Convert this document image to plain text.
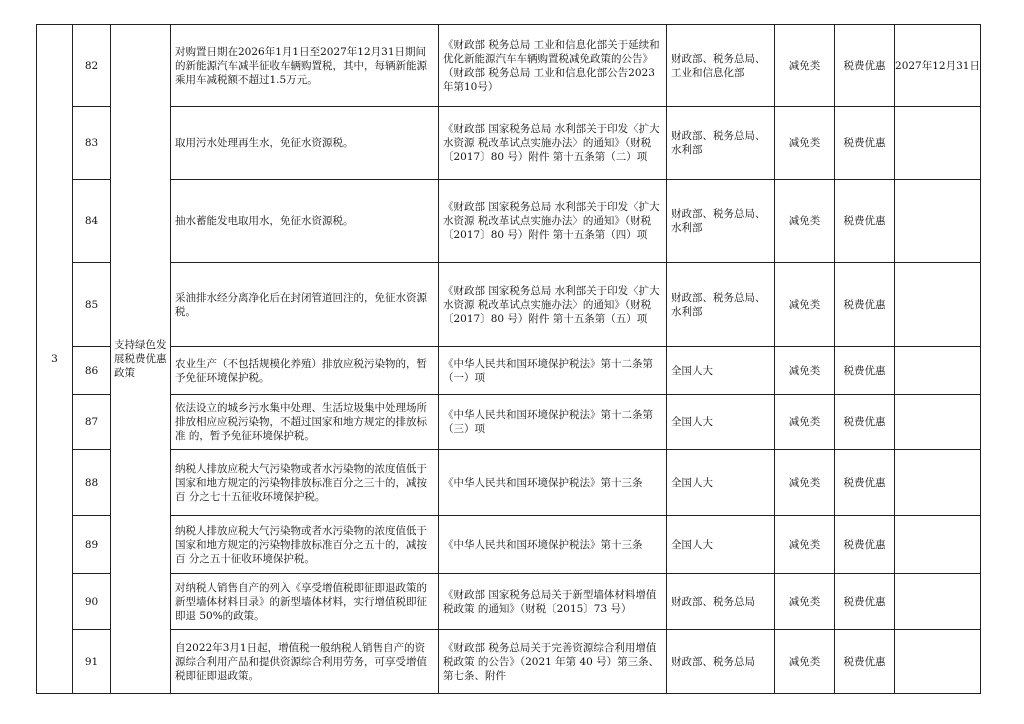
3	82	支持绿色发展税费优惠政策	对购置日期在2026年1月1日至2027年12月31日期间的新能源汽车减半征收车辆购置税，其中，每辆新能源乘用车减税额不超过1.5万元。	《财政部 税务总局 工业和信息化部关于延续和优化新能源汽车车辆购置税减免政策的公告》（财政部 税务总局 工业和信息化部公告2023年第10号）	财政部、税务总局、工业和信息化部	减免类	税费优惠	2027年12月31日
	83		取用污水处理再生水，免征水资源税。	《财政部 国家税务总局 水利部关于印发〈扩大水资源 税改革试点实施办法〉的通知》（财税〔2017〕80 号）附件 第十五条第（二）项	财政部、税务总局、水利部	减免类	税费优惠	
	84		抽水蓄能发电取用水，免征水资源税。	《财政部 国家税务总局 水利部关于印发〈扩大水资源 税改革试点实施办法〉的通知》（财税〔2017〕80 号）附件 第十五条第（四）项	财政部、税务总局、水利部	减免类	税费优惠	
	85		采油排水经分离净化后在封闭管道回注的，免征水资源税。	《财政部 国家税务总局 水利部关于印发〈扩大水资源 税改革试点实施办法〉的通知》（财税〔2017〕80 号）附件 第十五条第（五）项	财政部、税务总局、水利部	减免类	税费优惠	
	86		农业生产（不包括规模化养殖）排放应税污染物的，暂予免征环境保护税。	《中华人民共和国环境保护税法》第十二条第（一）项	全国人大	减免类	税费优惠	
	87		依法设立的城乡污水集中处理、生活垃圾集中处理场所 排放相应应税污染物，不超过国家和地方规定的排放标准 的，暂予免征环境保护税。	《中华人民共和国环境保护税法》第十二条第（三）项	全国人大	减免类	税费优惠	
	88		纳税人排放应税大气污染物或者水污染物的浓度值低于国家和地方规定的污染物排放标准百分之三十的，减按百 分之七十五征收环境保护税。	《中华人民共和国环境保护税法》第十三条	全国人大	减免类	税费优惠	
	89		纳税人排放应税大气污染物或者水污染物的浓度值低于国家和地方规定的污染物排放标准百分之五十的，减按百 分之五十征收环境保护税。	《中华人民共和国环境保护税法》第十三条	全国人大	减免类	税费优惠	
	90		对纳税人销售自产的列入《享受增值税即征即退政策的新型墙体材料目录》的新型墙体材料，实行增值税即征即退 50%的政策。	《财政部 国家税务总局关于新型墙体材料增值税政策 的通知》（财税〔2015〕73 号）	财政部、税务总局	减免类	税费优惠	
	91		自2022年3月1日起，增值税一般纳税人销售自产的资源综合利用产品和提供资源综合利用劳务，可享受增值税即征即退政策。	《财政部 税务总局关于完善资源综合利用增值税政策 的公告》（2021 年第 40 号）第三条、第七条、附件	财政部、税务总局	减免类	税费优惠	
